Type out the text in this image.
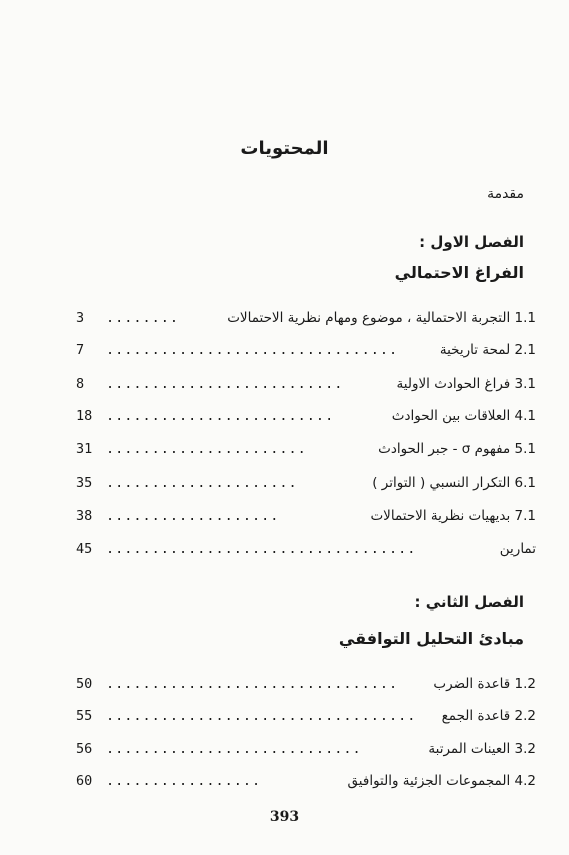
المحتويات
مقدمة
الفصل الاول :
الفراغ الاحتمالي
1.1 التجربة الاحتمالية ، موضوع ومهام نظرية الاحتمالات
........
3
2.1 لمحة تاريخية
................................
7
3.1 فراغ الحوادث الاولية
..........................
8
4.1 العلاقات بين الحوادث
.........................
18
5.1 مفهوم σ - جبر الحوادث
......................
31
6.1 التكرار النسبي ( التواتر )
.....................
35
7.1 بديهيات نظرية الاحتمالات
...................
38
تمارين
..................................
45
الفصل الثاني :
مبادئ التحليل التوافقي
1.2 قاعدة الضرب
................................
50
2.2 قاعدة الجمع
..................................
55
3.2 العينات المرتبة
............................
56
4.2 المجموعات الجزئية والتوافيق
.................
60
393
